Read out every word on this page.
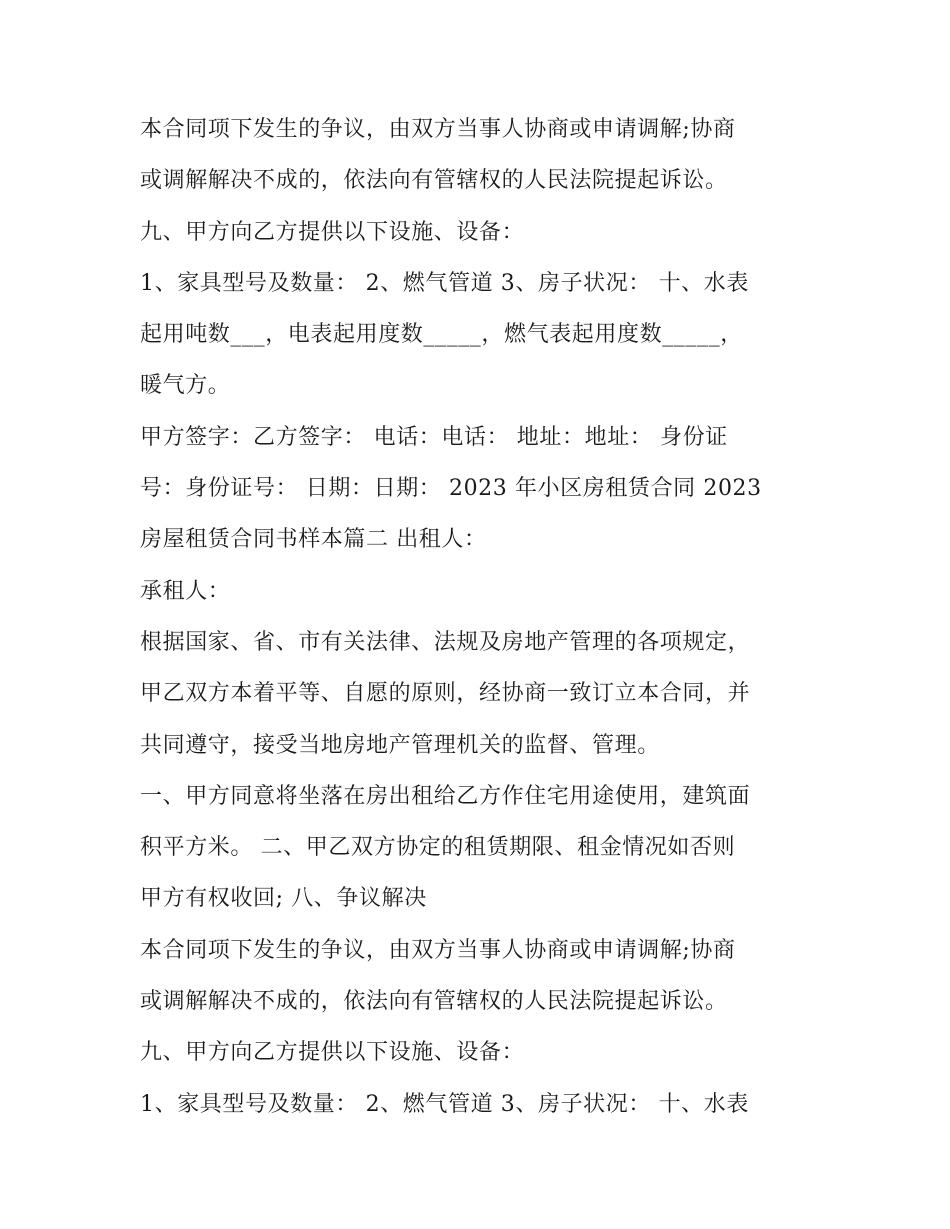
本合同项下发生的争议，由双方当事人协商或申请调解;协商
或调解解决不成的，依法向有管辖权的人民法院提起诉讼。
九、甲方向乙方提供以下设施、设备：
1、家具型号及数量： 2、燃气管道 3、房子状况： 十、水表
起用吨数___，电表起用度数_____，燃气表起用度数_____，
暖气方。
甲方签字：乙方签字： 电话：电话： 地址：地址： 身份证
号：身份证号： 日期：日期： 2023 年小区房租赁合同 2023
房屋租赁合同书样本篇二 出租人：
承租人：
根据国家、省、市有关法律、法规及房地产管理的各项规定，
甲乙双方本着平等、自愿的原则，经协商一致订立本合同，并
共同遵守，接受当地房地产管理机关的监督、管理。
一、甲方同意将坐落在房出租给乙方作住宅用途使用，建筑面
积平方米。 二、甲乙双方协定的租赁期限、租金情况如否则
甲方有权收回; 八、争议解决
本合同项下发生的争议，由双方当事人协商或申请调解;协商
或调解解决不成的，依法向有管辖权的人民法院提起诉讼。
九、甲方向乙方提供以下设施、设备：
1、家具型号及数量： 2、燃气管道 3、房子状况： 十、水表
